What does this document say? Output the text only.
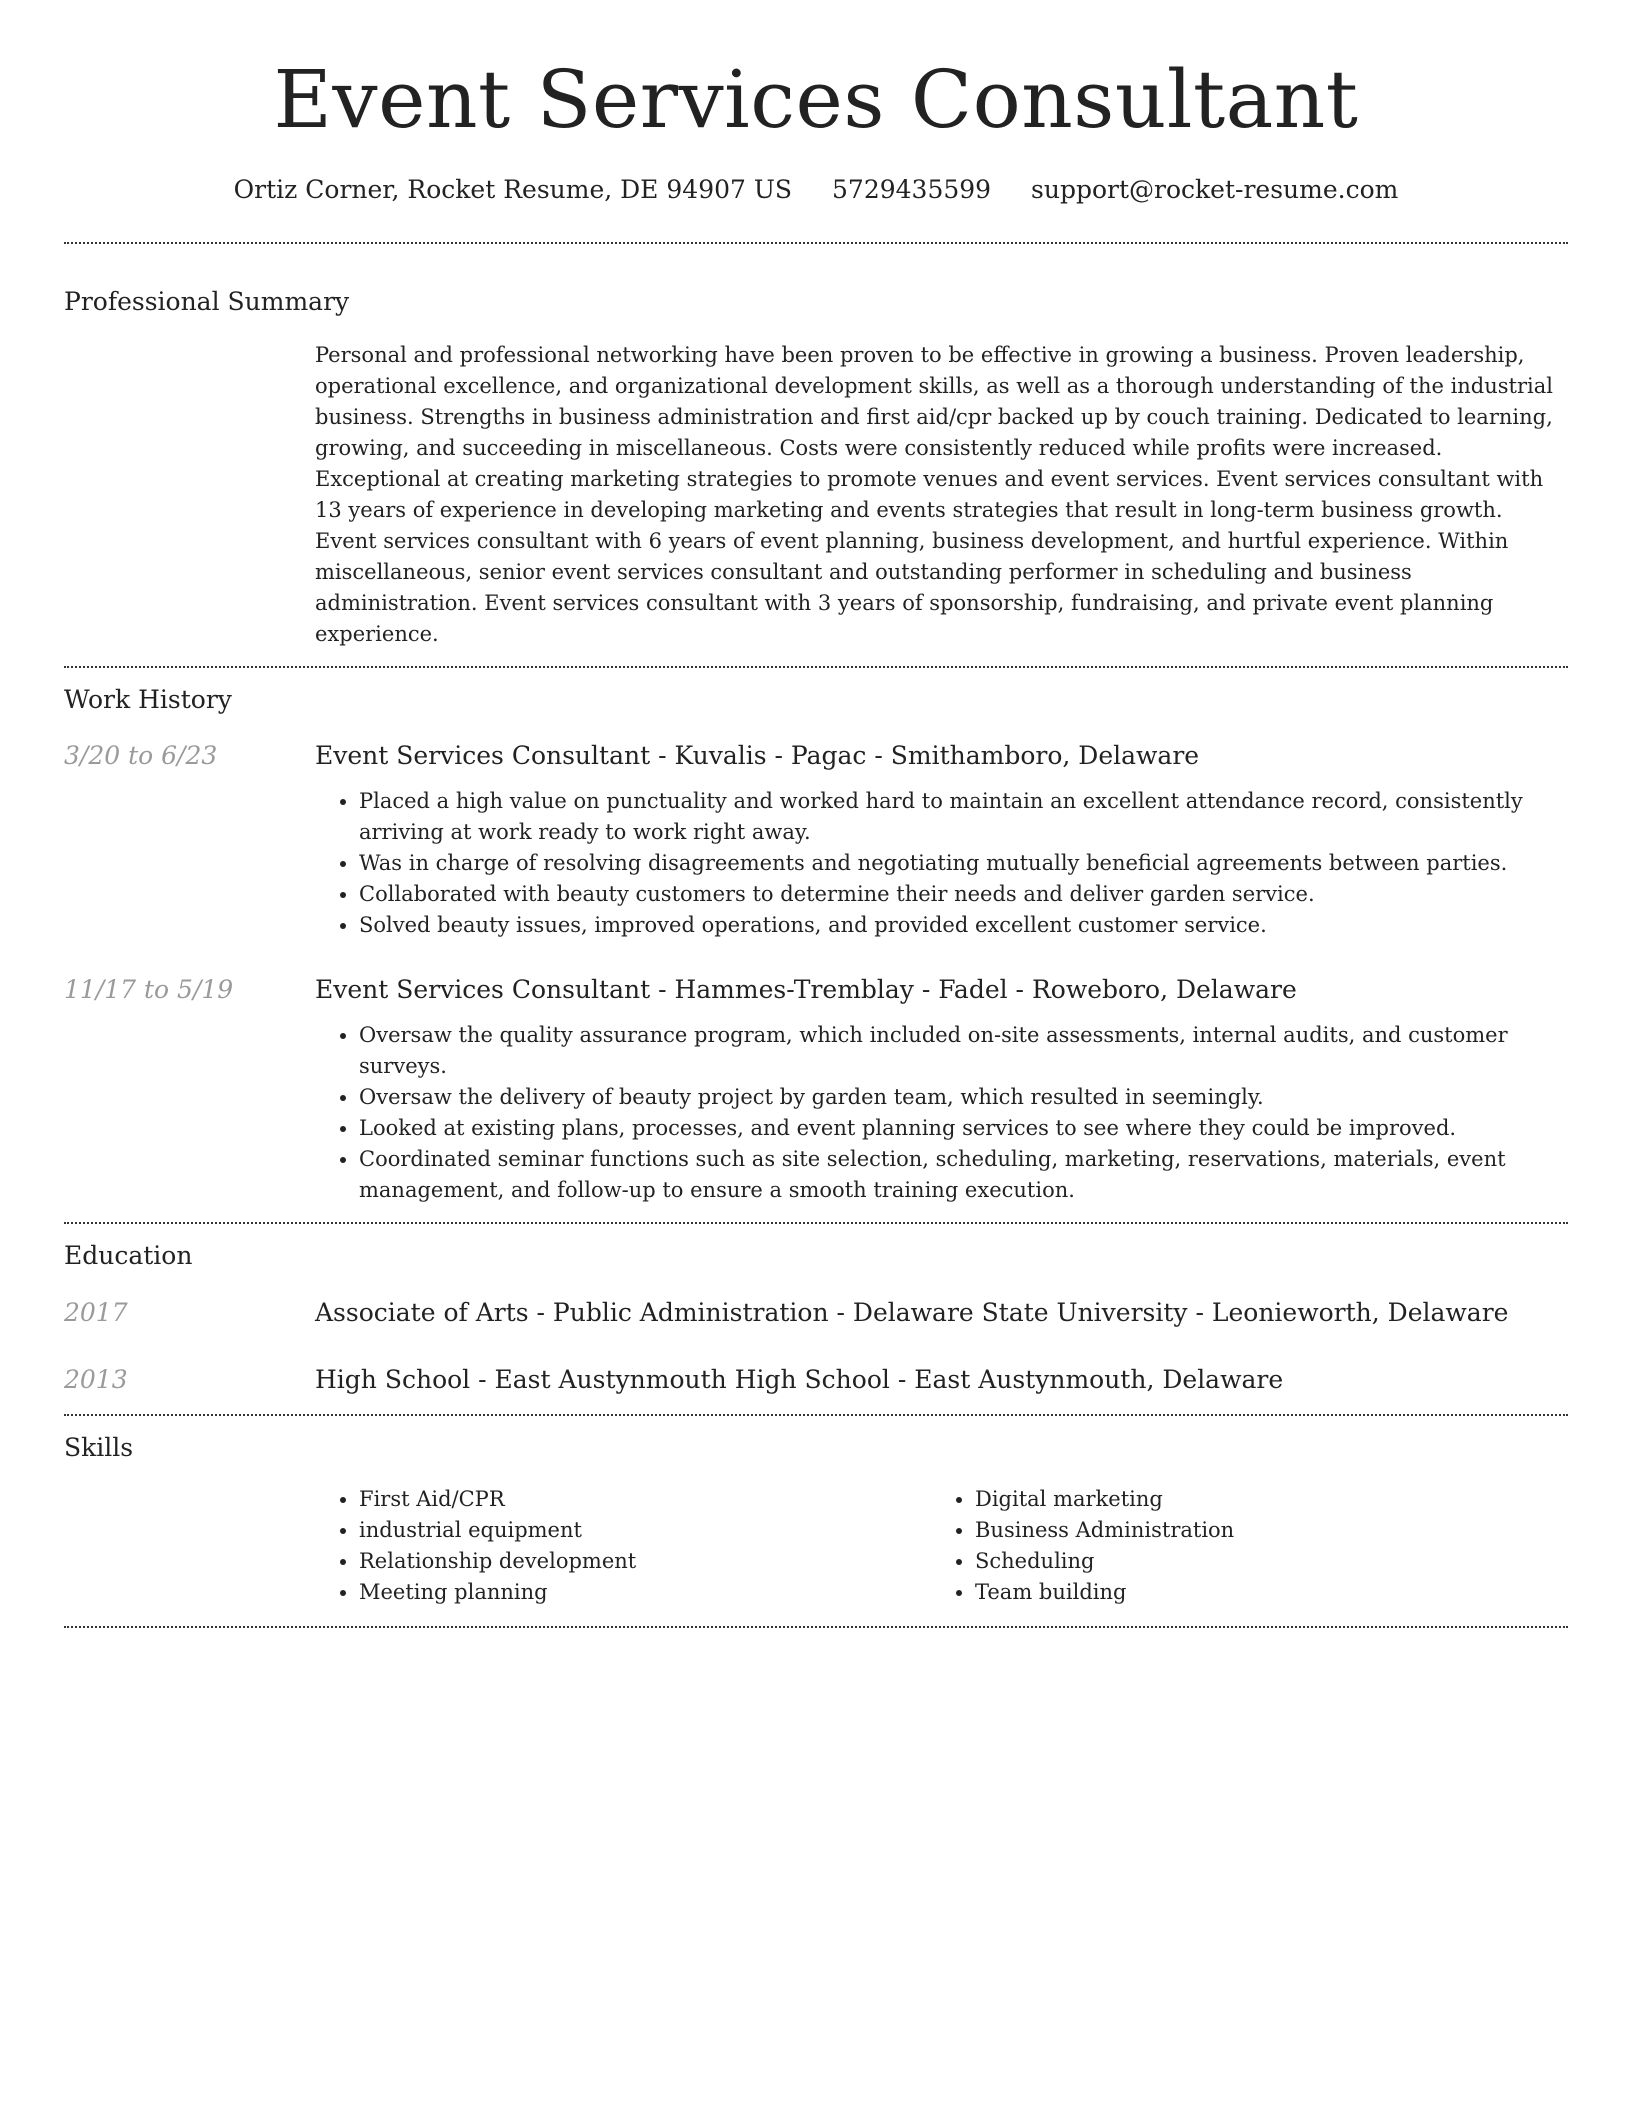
Event Services Consultant
Ortiz Corner, Rocket Resume, DE 94907 US 5729435599 support@rocket-resume.com
Professional Summary

Personal and professional networking have been proven to be effective in growing a business. Proven leadership, operational excellence, and organizational development skills, as well as a thorough understanding of the industrial business. Strengths in business administration and first aid/cpr backed up by couch training. Dedicated to learning, growing, and succeeding in miscellaneous. Costs were consistently reduced while profits were increased. Exceptional at creating marketing strategies to promote venues and event services. Event services consultant with 13 years of experience in developing marketing and events strategies that result in long-term business growth. Event services consultant with 6 years of event planning, business development, and hurtful experience. Within miscellaneous, senior event services consultant and outstanding performer in scheduling and business administration. Event services consultant with 3 years of sponsorship, fundraising, and private event planning experience.

Work History
3/20 to 6/23	Event Services Consultant - Kuvalis - Pagac - Smithamboro, Delaware
• Placed a high value on punctuality and worked hard to maintain an excellent attendance record, consistently arriving at work ready to work right away.
• Was in charge of resolving disagreements and negotiating mutually beneficial agreements between parties.
• Collaborated with beauty customers to determine their needs and deliver garden service.
• Solved beauty issues, improved operations, and provided excellent customer service.
11/17 to 5/19	Event Services Consultant - Hammes-Tremblay - Fadel - Roweboro, Delaware
• Oversaw the quality assurance program, which included on-site assessments, internal audits, and customer surveys.
• Oversaw the delivery of beauty project by garden team, which resulted in seemingly.
• Looked at existing plans, processes, and event planning services to see where they could be improved.
• Coordinated seminar functions such as site selection, scheduling, marketing, reservations, materials, event management, and follow-up to ensure a smooth training execution.
Education
2017	Associate of Arts - Public Administration - Delaware State University - Leonieworth, Delaware
2013	High School - East Austynmouth High School - East Austynmouth, Delaware
Skills
• First Aid/CPR
• industrial equipment
• Relationship development
• Meeting planning
• Digital marketing
• Business Administration
• Scheduling
• Team building
